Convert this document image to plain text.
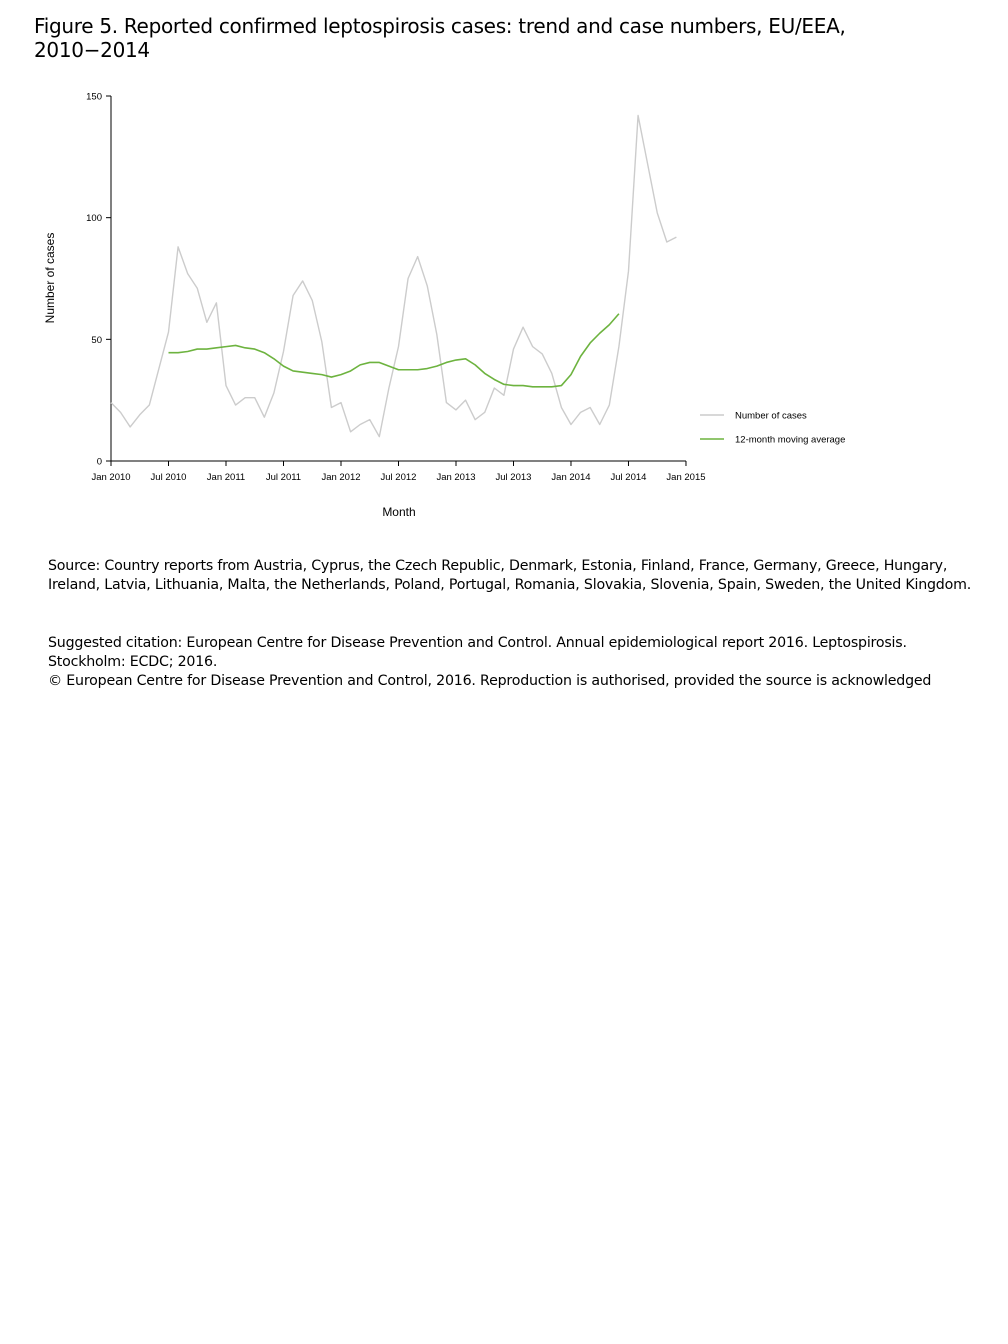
Figure 5. Reported confirmed leptospirosis cases: trend and case numbers, EU/EEA, 2010−2014
0
50
100
150
Jan 2010 Jul 2010 Jan 2011 Jul 2011 Jan 2012 Jul 2012 Jan 2013 Jul 2013 Jan 2014 Jul 2014 Jan 2015
Number of cases
12-month moving average
Number of cases
Month

Source: Country reports from Austria, Cyprus, the Czech Republic, Denmark, Estonia, Finland, France, Germany, Greece, Hungary, Ireland, Latvia, Lithuania, Malta, the Netherlands, Poland, Portugal, Romania, Slovakia, Slovenia, Spain, Sweden, the United Kingdom.

Suggested citation: European Centre for Disease Prevention and Control. Annual epidemiological report 2016. Leptospirosis. Stockholm: ECDC; 2016.

© European Centre for Disease Prevention and Control, 2016. Reproduction is authorised, provided the source is acknowledged
